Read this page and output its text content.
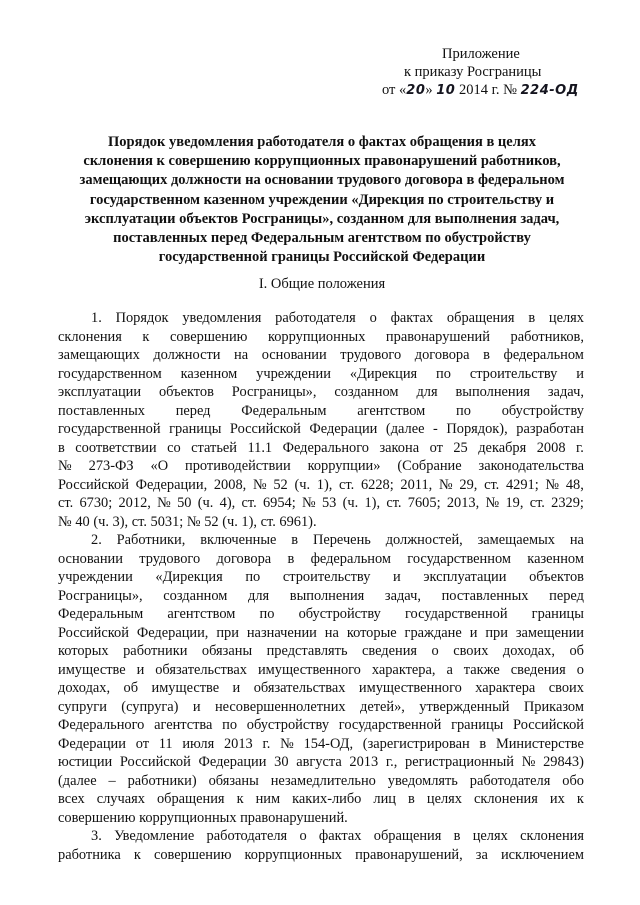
Приложение
к приказу Росграницы
от «20» 10 2014 г. № 224-ОД
Порядок уведомления работодателя о фактах обращения в целях
склонения к совершению коррупционных правонарушений работников,
замещающих должности на основании трудового договора в федеральном
государственном казенном учреждении «Дирекция по строительству и
эксплуатации объектов Росграницы», созданном для выполнения задач,
поставленных перед Федеральным агентством по обустройству
государственной границы Российской Федерации
I. Общие положения
1. Порядок уведомления работодателя о фактах обращения в целях
склонения к совершению коррупционных правонарушений работников,
замещающих должности на основании трудового договора в федеральном
государственном казенном учреждении «Дирекция по строительству и
эксплуатации объектов Росграницы», созданном для выполнения задач,
поставленных перед Федеральным агентством по обустройству
государственной границы Российской Федерации (далее - Порядок), разработан
в соответствии со статьей 11.1 Федерального закона от 25 декабря 2008 г.
№ 273-ФЗ «О противодействии коррупции» (Собрание законодательства
Российской Федерации, 2008, № 52 (ч. 1), ст. 6228; 2011, № 29, ст. 4291; № 48,
ст. 6730; 2012, № 50 (ч. 4), ст. 6954; № 53 (ч. 1), ст. 7605; 2013, № 19, ст. 2329;
№ 40 (ч. 3), ст. 5031; № 52 (ч. 1), ст. 6961).
2. Работники, включенные в Перечень должностей, замещаемых на
основании трудового договора в федеральном государственном казенном
учреждении «Дирекция по строительству и эксплуатации объектов
Росграницы», созданном для выполнения задач, поставленных перед
Федеральным агентством по обустройству государственной границы
Российской Федерации, при назначении на которые граждане и при замещении
которых работники обязаны представлять сведения о своих доходах, об
имуществе и обязательствах имущественного характера, а также сведения о
доходах, об имуществе и обязательствах имущественного характера своих
супруги (супруга) и несовершеннолетних детей», утвержденный Приказом
Федерального агентства по обустройству государственной границы Российской
Федерации от 11 июля 2013 г. № 154-ОД, (зарегистрирован в Министерстве
юстиции Российской Федерации 30 августа 2013 г., регистрационный № 29843)
(далее – работники) обязаны незамедлительно уведомлять работодателя обо
всех случаях обращения к ним каких-либо лиц в целях склонения их к
совершению коррупционных правонарушений.
3. Уведомление работодателя о фактах обращения в целях склонения
работника к совершению коррупционных правонарушений, за исключением
